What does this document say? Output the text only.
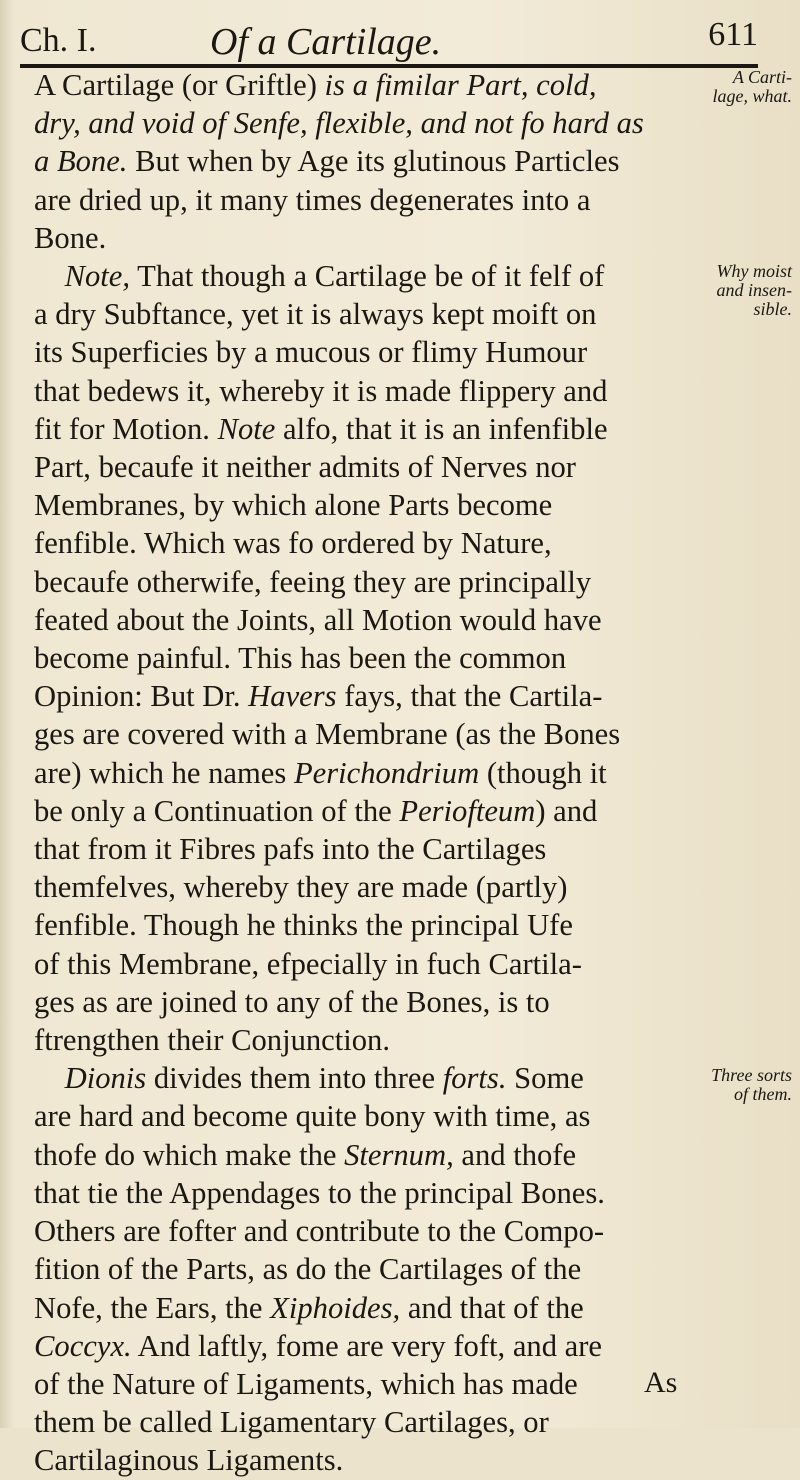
Ch. I.	Of a Cartilage.	611
A Cartilage (or Griftle) is a fimilar Part, cold,
dry, and void of Senfe, flexible, and not fo hard as
a Bone. But when by Age its glutinous Particles
are dried up, it many times degenerates into a
Bone.
Note, That though a Cartilage be of it felf of
a dry Subftance, yet it is always kept moift on
its Superficies by a mucous or flimy Humour
that bedews it, whereby it is made flippery and
fit for Motion. Note alfo, that it is an infenfible
Part, becaufe it neither admits of Nerves nor
Membranes, by which alone Parts become
fenfible. Which was fo ordered by Nature,
becaufe otherwife, feeing they are principally
feated about the Joints, all Motion would have
become painful. This has been the common
Opinion: But Dr. Havers fays, that the Cartila-
ges are covered with a Membrane (as the Bones
are) which he names Perichondrium (though it
be only a Continuation of the Periofteum) and
that from it Fibres pafs into the Cartilages
themfelves, whereby they are made (partly)
fenfible. Though he thinks the principal Ufe
of this Membrane, efpecially in fuch Cartila-
ges as are joined to any of the Bones, is to
ftrengthen their Conjunction.
Dionis divides them into three forts. Some
are hard and become quite bony with time, as
thofe do which make the Sternum, and thofe
that tie the Appendages to the principal Bones.
Others are fofter and contribute to the Compo-
fition of the Parts, as do the Cartilages of the
Nofe, the Ears, the Xiphoides, and that of the
Coccyx. And laftly, fome are very foft, and are
of the Nature of Ligaments, which has made
them be called Ligamentary Cartilages, or
Cartilaginous Ligaments.
A Carti-
lage, what.
Why moist
and insen-
sible.
Three sorts
of them.
As
